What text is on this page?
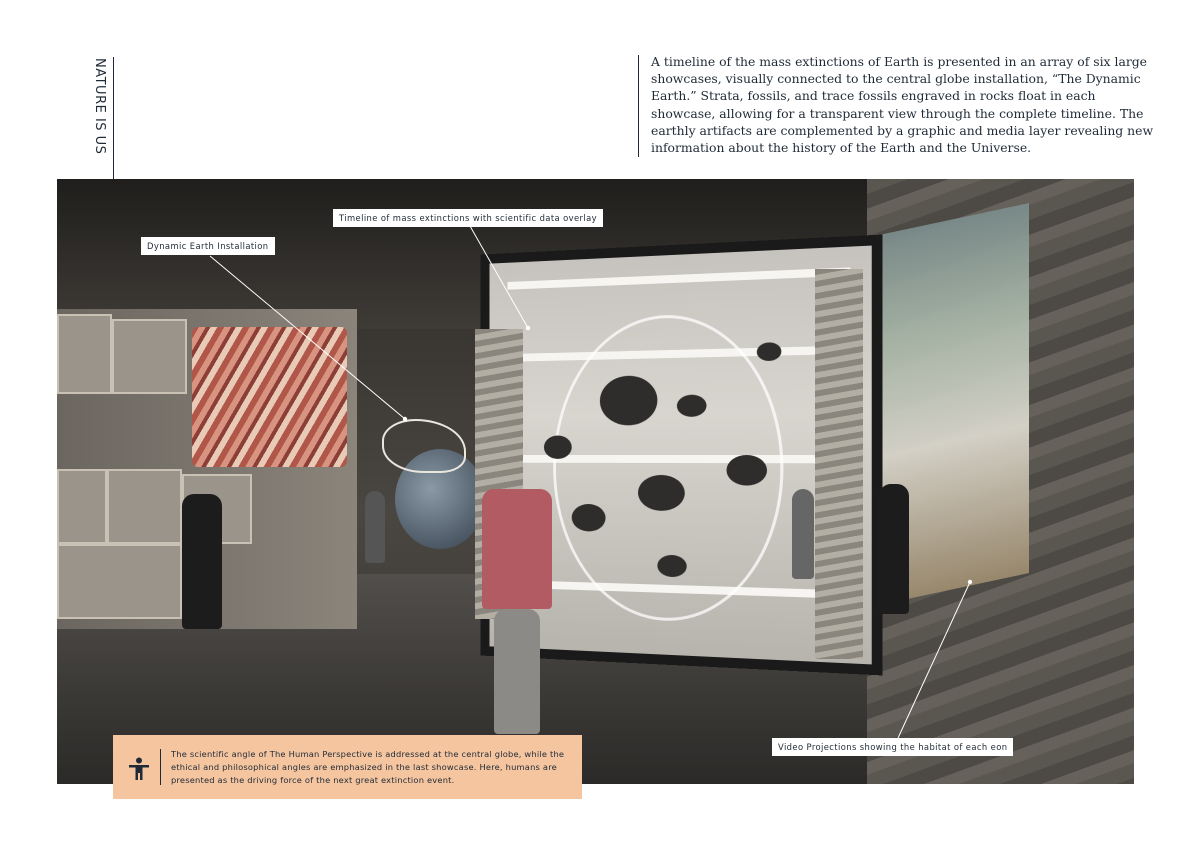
NATURE IS US	A timeline of the mass extinctions of Earth is presented in an array of six large showcases, visually connected to the central globe installation, “The Dynamic Earth.” Strata, fossils, and trace fossils engraved in rocks float in each showcase, allowing for a transparent view through the complete timeline. The earthly artifacts are complemented by a graphic and media layer revealing new information about the history of the Earth and the Universe.

Timeline of mass extinctions with scientific data overlay
Dynamic Earth Installation
Video Projections showing the habitat of each eon

The scientific angle of The Human Perspective is addressed at the central globe, while the ethical and philosophical angles are emphasized in the last showcase. Here, humans are presented as the driving force of the next great extinction event.
